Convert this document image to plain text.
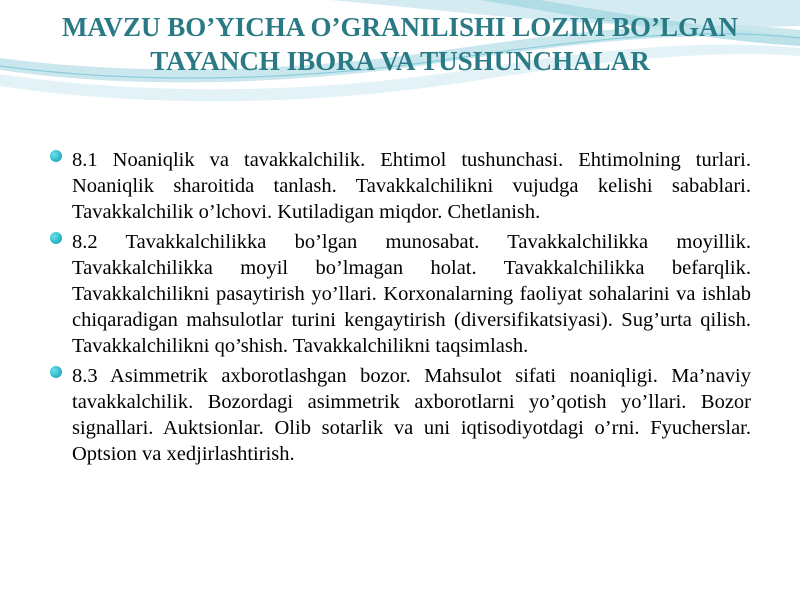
MAVZU BO’YICHA O’GRANILISHI LOZIM BO’LGAN TAYANCH IBORA VA TUSHUNCHALAR
8.1 Noaniqlik va tavakkalchilik. Ehtimol tushunchasi. Ehtimolning turlari. Noaniqlik sharoitida tanlash. Tavakkalchilikni vujudga kelishi sabablari. Tavakkalchilik o’lchovi. Kutiladigan miqdor. Chetlanish.
8.2 Tavakkalchilikka bo’lgan munosabat. Tavakkalchilikka moyillik. Tavakkalchilikka moyil bo’lmagan holat. Tavakkalchilikka befarqlik. Tavakkalchilikni pasaytirish yo’llari. Korxonalarning faoliyat sohalarini va ishlab chiqaradigan mahsulotlar turini kengaytirish (diversifikatsiyasi). Sug’urta qilish. Tavakkalchilikni qo’shish. Tavakkalchilikni taqsimlash.
8.3 Asimmetrik axborotlashgan bozor. Mahsulot sifati noaniqligi. Ma’naviy tavakkalchilik. Bozordagi asimmetrik axborotlarni yo’qotish yo’llari. Bozor signallari. Auktsionlar. Olib sotarlik va uni iqtisodiyotdagi o’rni. Fyucherslar. Optsion va xedjirlashtirish.
